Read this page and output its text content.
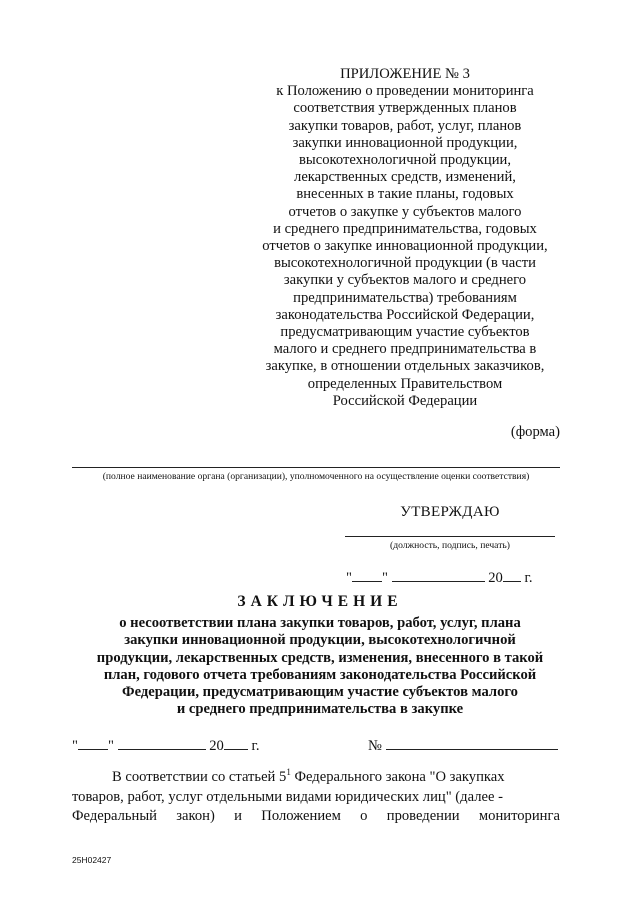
ПРИЛОЖЕНИЕ № 3
к Положению о проведении мониторинга
соответствия утвержденных планов
закупки товаров, работ, услуг, планов
закупки инновационной продукции,
высокотехнологичной продукции,
лекарственных средств, изменений,
внесенных в такие планы, годовых
отчетов о закупке у субъектов малого
и среднего предпринимательства, годовых
отчетов о закупке инновационной продукции,
высокотехнологичной продукции (в части
закупки у субъектов малого и среднего
предпринимательства) требованиям
законодательства Российской Федерации,
предусматривающим участие субъектов
малого и среднего предпринимательства в
закупке, в отношении отдельных заказчиков,
определенных Правительством
Российской Федерации
(форма)
(полное наименование органа (организации), уполномоченного на осуществление оценки соответствия)
УТВЕРЖДАЮ
(должность, подпись, печать)
" "	20 г.
ЗАКЛЮЧЕНИЕ
о несоответствии плана закупки товаров, работ, услуг, плана
закупки инновационной продукции, высокотехнологичной
продукции, лекарственных средств, изменения, внесенного в такой
план, годового отчета требованиям законодательства Российской
Федерации, предусматривающим участие субъектов малого
и среднего предпринимательства в закупке
" "	20 г.	№
В соответствии со статьей $5^1$ Федерального закона "О закупках
товаров, работ, услуг отдельными видами юридических лиц" (далее -
Федеральный закон) и Положением о проведении мониторинга
25Н02427
